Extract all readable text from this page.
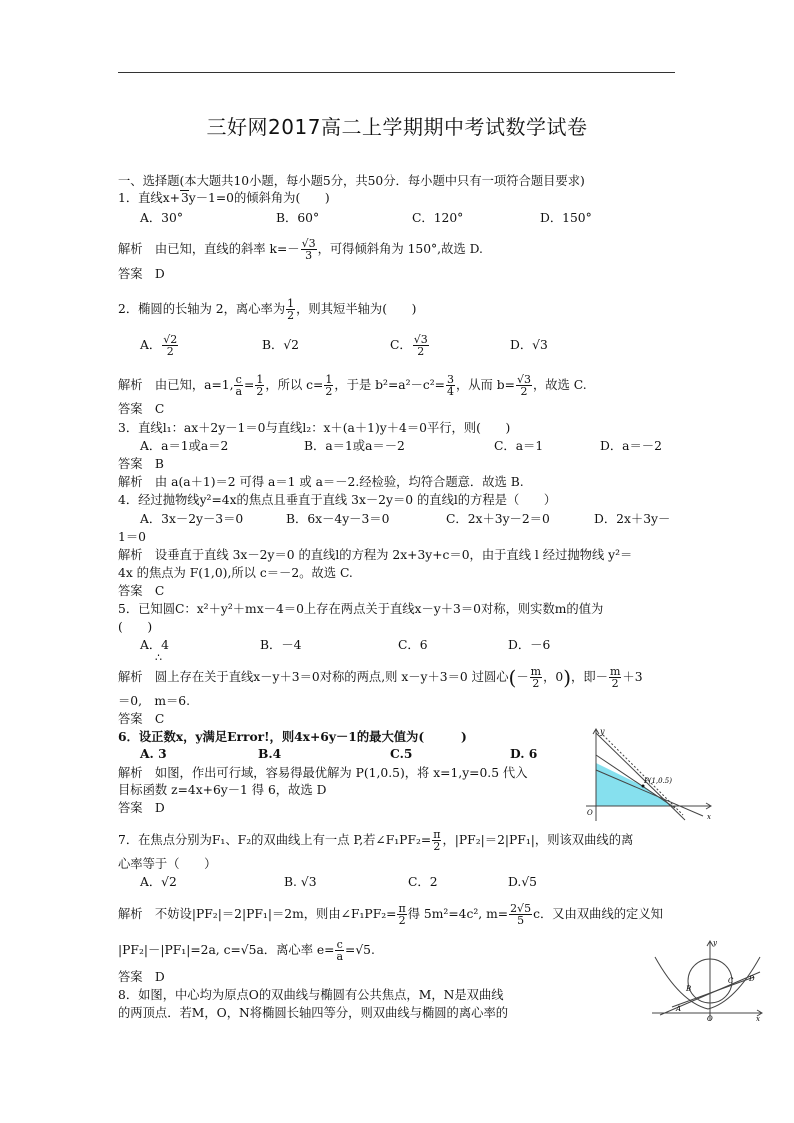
三好网2017高二上学期期中考试数学试卷
一、选择题(本大题共10小题，每小题5分，共50分．每小题中只有一项符合题目要求)
1．直线x+3y－1=0的倾斜角为(　　)
A．30°	B．60°	C．120°	D．150°
解析　 由已知，直线的斜率 $k=- \frac{√3}{3}$ ，可得倾斜角为 150°,故选 D.
答案　 D
2．椭圆的长轴为 2，离心率为 $\frac{1}{2}$ ，则其短半轴为(　　)
A． $\frac{√2}{2}$	B．√2	C． $\frac{√3}{2}$	D．√3
解析　 由已知，a=1, $\frac{c}{a} = \frac{1}{2}$ ，所以 $c= \frac{1}{2}$ ，于是 $b^2=a^2-c^2= \frac{3}{4}$ ，从而 $b= \frac{√3}{2}$ ，故选 C.
答案　 C
3．直线l₁：ax＋2y－1＝0与直线l₂：x＋(a＋1)y＋4＝0平行，则(　　)
A．a＝1或a＝2	B．a＝1或a＝－2	C．a＝1	D．a＝－2
答案　 B
解析　 由 a(a＋1)＝2 可得 a＝1 或 a＝－2.经检验，均符合题意．故选 B.
4．经过抛物线y²=4x的焦点且垂直于直线 3x－2y＝0 的直线l的方程是（　　）
A．3x－2y－3＝0	B．6x－4y－3＝0	C．2x＋3y－2＝0	D．2x＋3y－
1＝0
解析　 设垂直于直线 3x－2y＝0 的直线l的方程为 2x+3y+c＝0，由于直线 l 经过抛物线 y²＝
4x 的焦点为 F(1,0),所以 c＝－2。故选 C.
答案　 C
5．已知圆C：x²＋y²＋mx－4＝0上存在两点关于直线x－y＋3＝0对称，则实数m的值为
(　　)
A．4	B．－4	C．6	D．－6
∴
解析　 圆上存在关于直线x－y＋3＝0对称的两点,则 x－y＋3＝0 过圆心(－ $\frac{m}{2}$ ，0)，即－ $\frac{m}{2} +3$
＝0,　m＝6.
答案　 C
6．设正数x，y满足Error!，则4x+6y－1的最大值为(　　　)
A. 3	B.4	C.5	D. 6
解析　 如图，作出可行域，容易得最优解为 P(1,0.5)，将 x=1,y=0.5 代入
目标函数 z=4x+6y－1 得 6，故选 D
答案　 D
y
O
P(1,0.5)
x
7．在焦点分别为F₁、F₂的双曲线上有一点 P,若∠F₁PF₂= $\frac{\pi}{2}$ ，|PF₂|＝2|PF₁|，则该双曲线的离
心率等于（　　）
A．√2	B. √3	C．2	D.√5
解析　 不妨设|PF₂|＝2|PF₁|＝2m，则由∠F₁PF₂= $\frac{\pi}{2}$ 得 5m²=4c², $m= \frac{2√5}{5}$ c．又由双曲线的定义知
|PF₂|－|PF₁|=2a, c=√5a．离心率 $e= \frac{c}{a} =√5$.
答案　 D
8．如图，中心均为原点O的双曲线与椭圆有公共焦点，M，N是双曲线
的两顶点．若M，O，N将椭圆长轴四等分，则双曲线与椭圆的离心率的
y
A
B
C D
O	x
